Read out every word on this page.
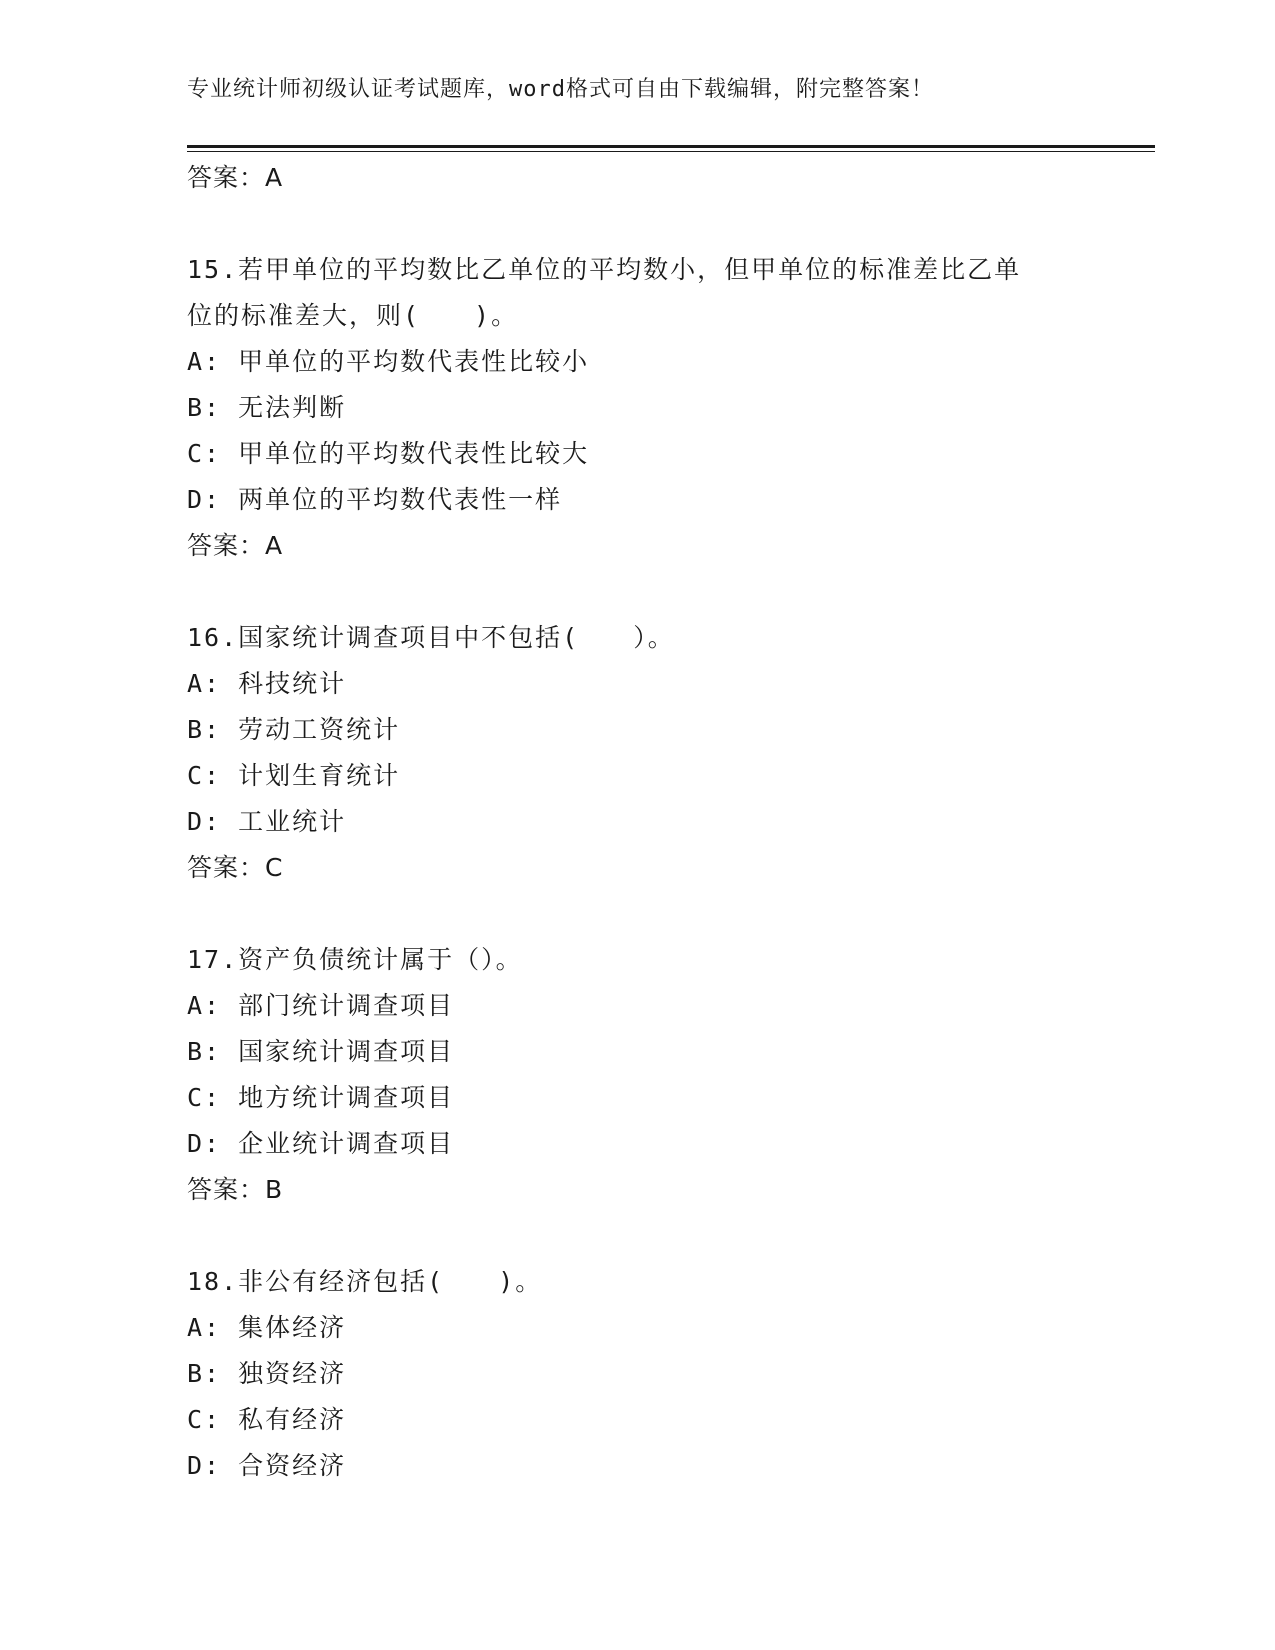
专业统计师初级认证考试题库，word格式可自由下载编辑，附完整答案！
答案：A
15.若甲单位的平均数比乙单位的平均数小，但甲单位的标准差比乙单
位的标准差大，则(　　)。
A: 甲单位的平均数代表性比较小
B: 无法判断
C: 甲单位的平均数代表性比较大
D: 两单位的平均数代表性一样
答案：A
16.国家统计调查项目中不包括(　　）。
A: 科技统计
B: 劳动工资统计
C: 计划生育统计
D: 工业统计
答案：C
17.资产负债统计属于（）。
A: 部门统计调查项目
B: 国家统计调查项目
C: 地方统计调查项目
D: 企业统计调查项目
答案：B
18.非公有经济包括(　　)。
A: 集体经济
B: 独资经济
C: 私有经济
D: 合资经济
